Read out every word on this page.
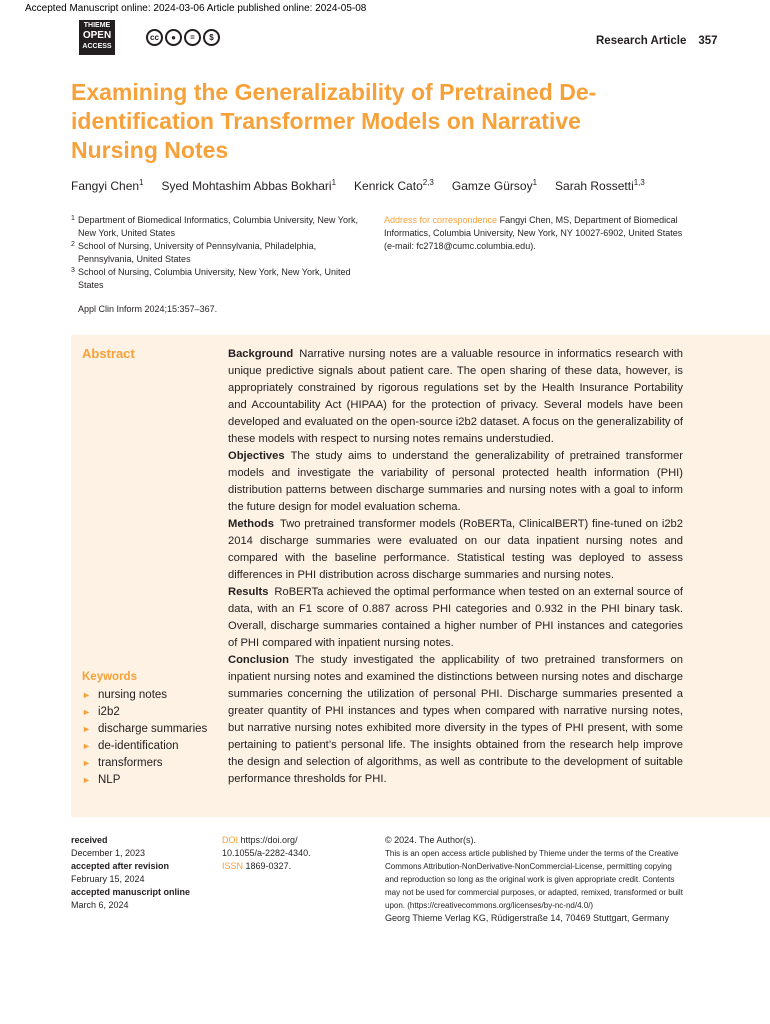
Accepted Manuscript online: 2024-03-06 Article published online: 2024-05-08
THIEME
OPEN
ACCESS
cc	●	=	$	Research Article 357
Examining the Generalizability of Pretrained De-identification Transformer Models on Narrative Nursing Notes
Fangyi Chen$^1$ Syed Mohtashim Abbas Bokhari$^1$ Kenrick Cato$^{2,3}$ Gamze Gürsoy$^1$ Sarah Rossetti$^{1,3}$
1 Department of Biomedical Informatics, Columbia University, New York, New York, United States
2 School of Nursing, University of Pennsylvania, Philadelphia, Pennsylvania, United States
3 School of Nursing, Columbia University, New York, New York, United States
Address for correspondence Fangyi Chen, MS, Department of Biomedical Informatics, Columbia University, New York, NY 10027-6902, United States (e-mail: fc2718@cumc.columbia.edu).
Appl Clin Inform 2024;15:357–367.
Abstract	Background Narrative nursing notes are a valuable resource in informatics research with unique predictive signals about patient care. The open sharing of these data, however, is appropriately constrained by rigorous regulations set by the Health Insurance Portability and Accountability Act (HIPAA) for the protection of privacy. Several models have been developed and evaluated on the open-source i2b2 dataset. A focus on the generalizability of these models with respect to nursing notes remains understudied.

Objectives The study aims to understand the generalizability of pretrained transformer models and investigate the variability of personal protected health information (PHI) distribution patterns between discharge summaries and nursing notes with a goal to inform the future design for model evaluation schema.

Methods Two pretrained transformer models (RoBERTa, ClinicalBERT) fine-tuned on i2b2 2014 discharge summaries were evaluated on our data inpatient nursing notes and compared with the baseline performance. Statistical testing was deployed to assess differences in PHI distribution across discharge summaries and nursing notes.

Results RoBERTa achieved the optimal performance when tested on an external source of data, with an F1 score of 0.887 across PHI categories and 0.932 in the PHI binary task. Overall, discharge summaries contained a higher number of PHI instances and categories of PHI compared with inpatient nursing notes.

Conclusion The study investigated the applicability of two pretrained transformers on inpatient nursing notes and examined the distinctions between nursing notes and discharge summaries concerning the utilization of personal PHI. Discharge summaries presented a greater quantity of PHI instances and types when compared with narrative nursing notes, but narrative nursing notes exhibited more diversity in the types of PHI present, with some pertaining to patient’s personal life. The insights obtained from the research help improve the design and selection of algorithms, as well as contribute to the development of suitable performance thresholds for PHI.

Keywords
► nursing notes
► i2b2
► discharge summaries
► de-identification
► transformers
► NLP
received
December 1, 2023
accepted after revision
February 15, 2024
accepted manuscript online
March 6, 2024
DOI https://doi.org/
10.1055/a-2282-4340.
ISSN 1869-0327.
© 2024. The Author(s).
This is an open access article published by Thieme under the terms of the Creative Commons Attribution-NonDerivative-NonCommercial-License, permitting copying and reproduction so long as the original work is given appropriate credit. Contents may not be used for commercial purposes, or adapted, remixed, transformed or built upon. (https://creativecommons.org/licenses/by-nc-nd/4.0/)
Georg Thieme Verlag KG, Rüdigerstraße 14, 70469 Stuttgart, Germany
